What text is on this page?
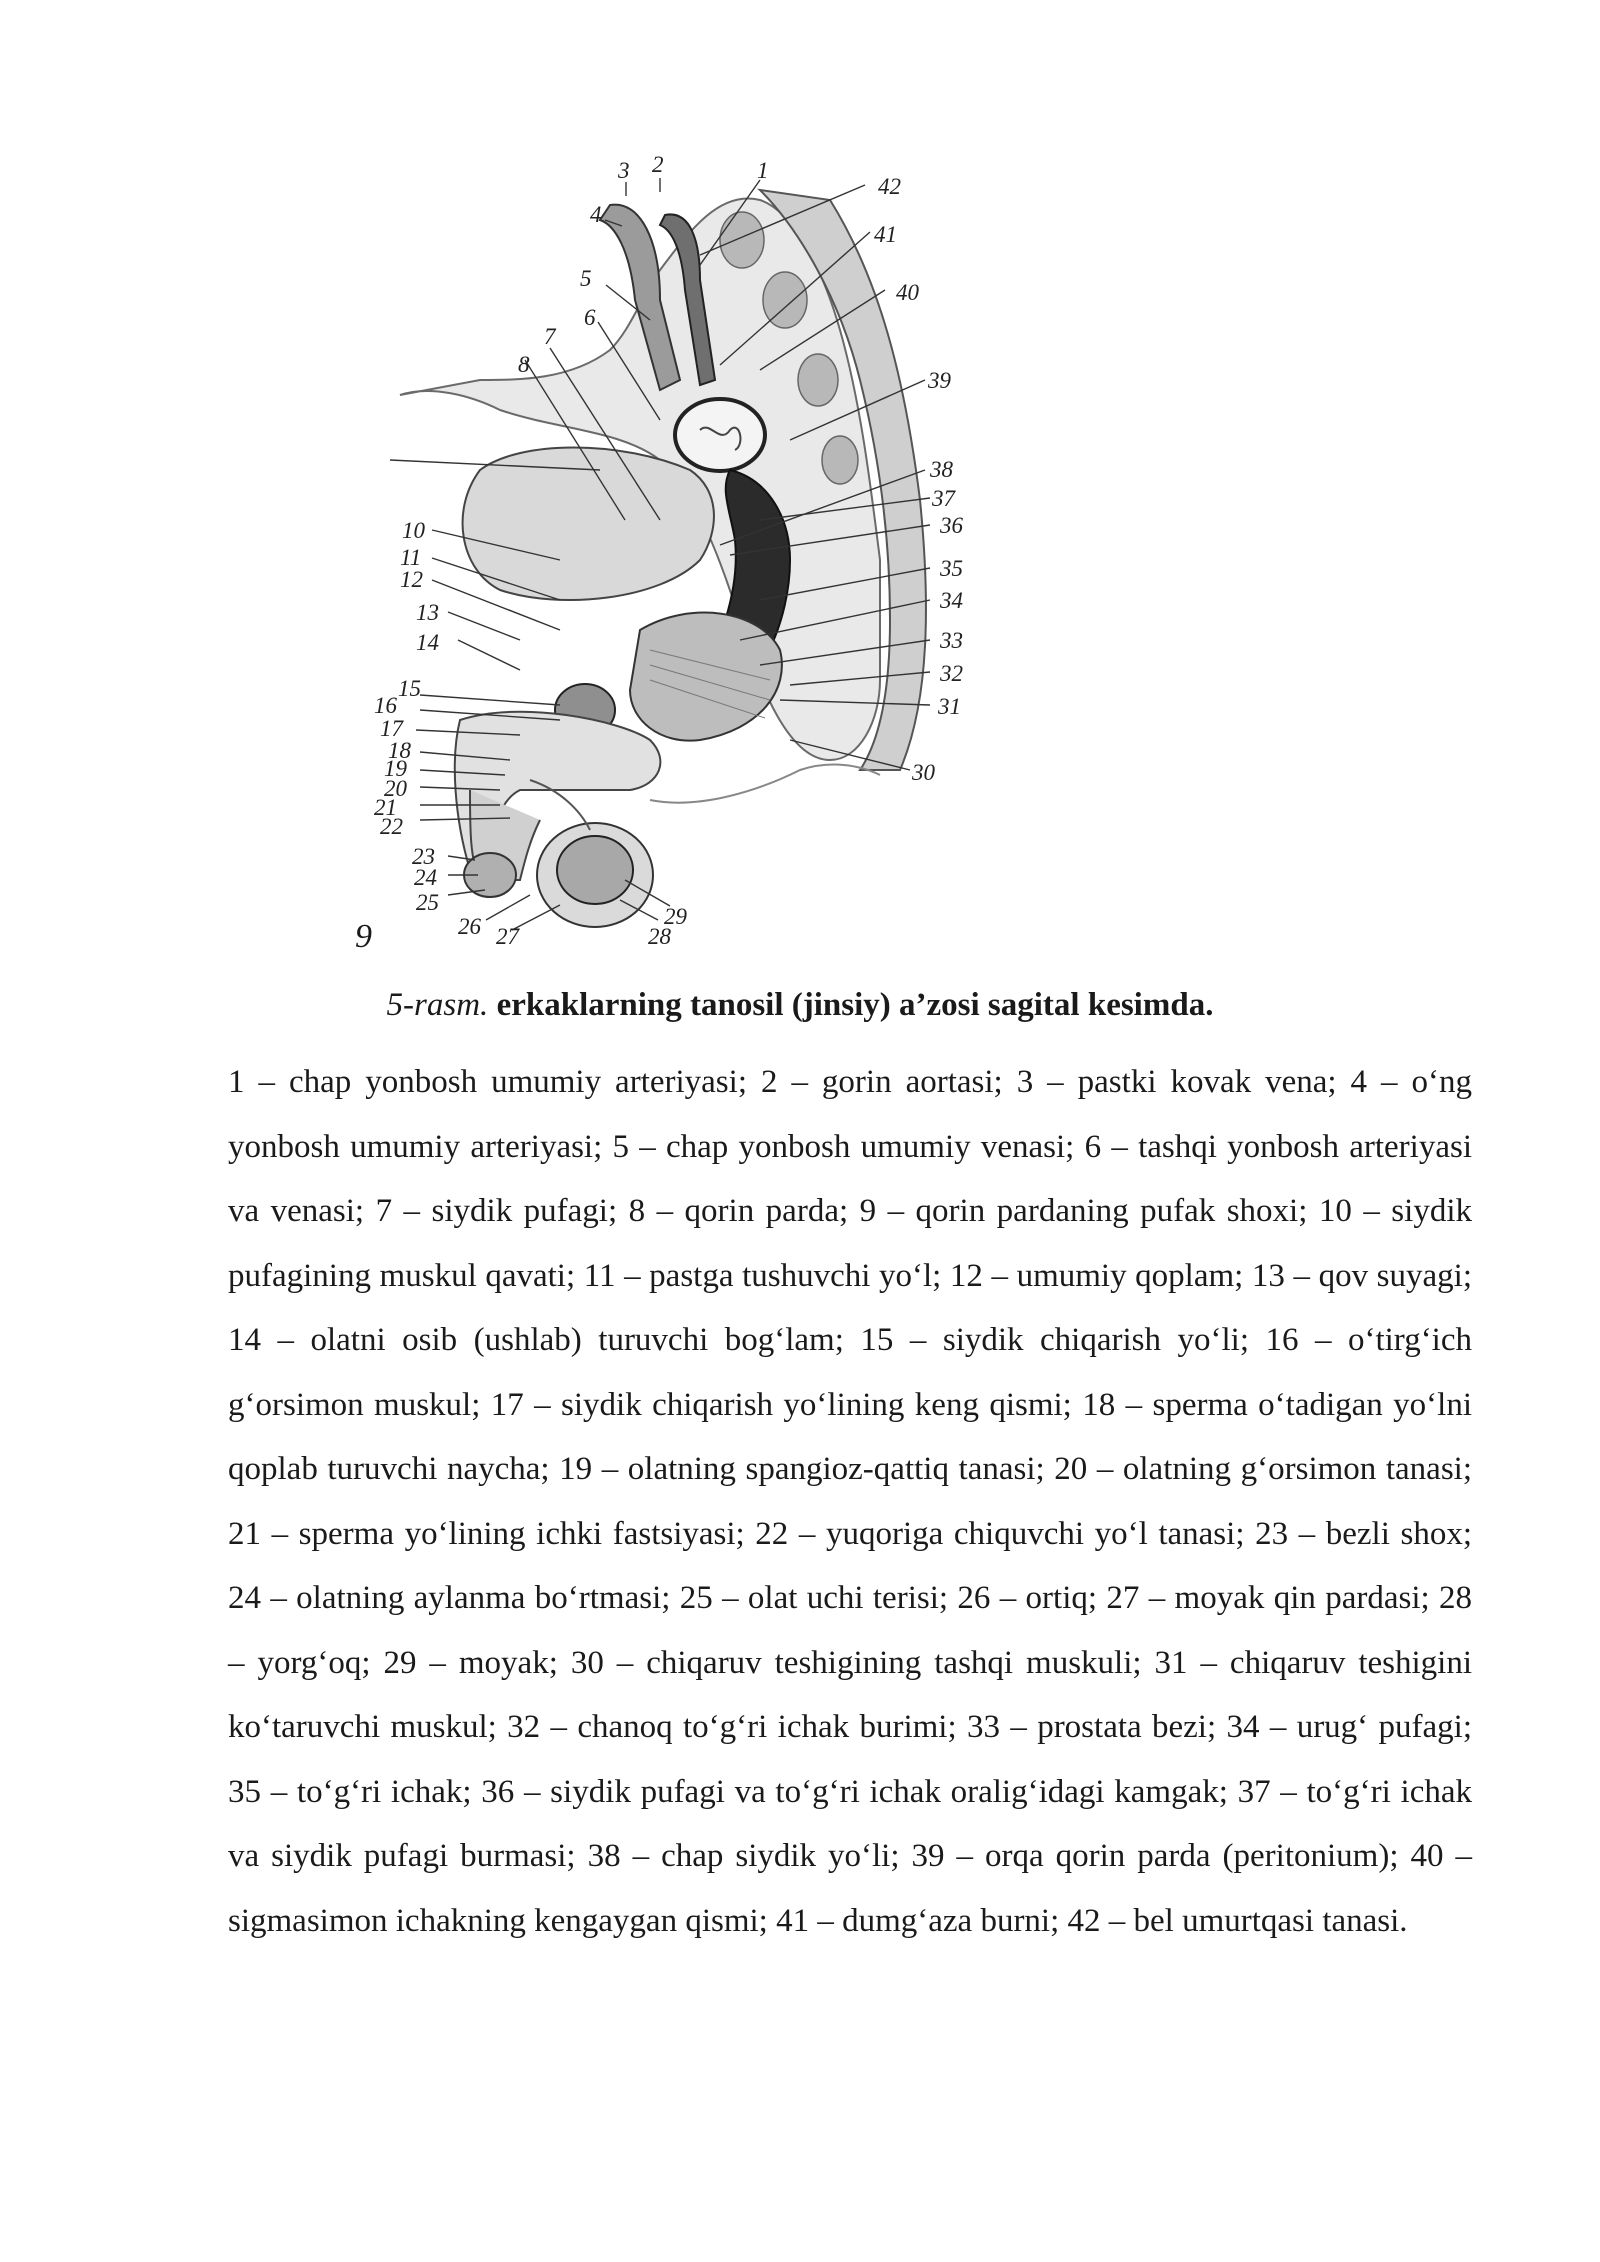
1
2
3
4
5
6
7
8
10
11
12
13
14
15
16
17
18
19
20
21
22
23
24
25
26 27	28
29
30
31
32
33
34
35
36
37
38
39
40
41
42
9
5-rasm. erkaklarning tanosil (jinsiy) a’zosi sagital kesimda.

1 – chap yonbosh umumiy arteriyasi; 2 – gorin aortasi; 3 – pastki kovak vena; 4 – o‘ng yonbosh umumiy arteriyasi; 5 – chap yonbosh umumiy venasi; 6 – tashqi yonbosh arteriyasi va venasi; 7 – siydik pufagi; 8 – qorin parda; 9 – qorin pardaning pufak shoxi; 10 – siydik pufagining muskul qavati; 11 – pastga tushuvchi yo‘l; 12 – umumiy qoplam; 13 – qov suyagi; 14 – olatni osib (ushlab) turuvchi bog‘lam; 15 – siydik chiqarish yo‘li; 16 – o‘tirg‘ich g‘orsimon muskul; 17 – siydik chiqarish yo‘lining keng qismi; 18 – sperma o‘tadigan yo‘lni qoplab turuvchi naycha; 19 – olatning spangioz-qattiq tanasi; 20 – olatning g‘orsimon tanasi; 21 – sperma yo‘lining ichki fastsiyasi; 22 – yuqoriga chiquvchi yo‘l tanasi; 23 – bezli shox; 24 – olatning aylanma bo‘rtmasi; 25 – olat uchi terisi; 26 – ortiq; 27 – moyak qin pardasi; 28 – yorg‘oq; 29 – moyak; 30 – chiqaruv teshigining tashqi muskuli; 31 – chiqaruv teshigini ko‘taruvchi muskul; 32 – chanoq to‘g‘ri ichak burimi; 33 – prostata bezi; 34 – urug‘ pufagi; 35 – to‘g‘ri ichak; 36 – siydik pufagi va to‘g‘ri ichak oralig‘idagi kamgak; 37 – to‘g‘ri ichak va siydik pufagi burmasi; 38 – chap siydik yo‘li; 39 – orqa qorin parda (peritonium); 40 – sigmasimon ichakning kengaygan qismi; 41 – dumg‘aza burni; 42 – bel umurtqasi tanasi.
